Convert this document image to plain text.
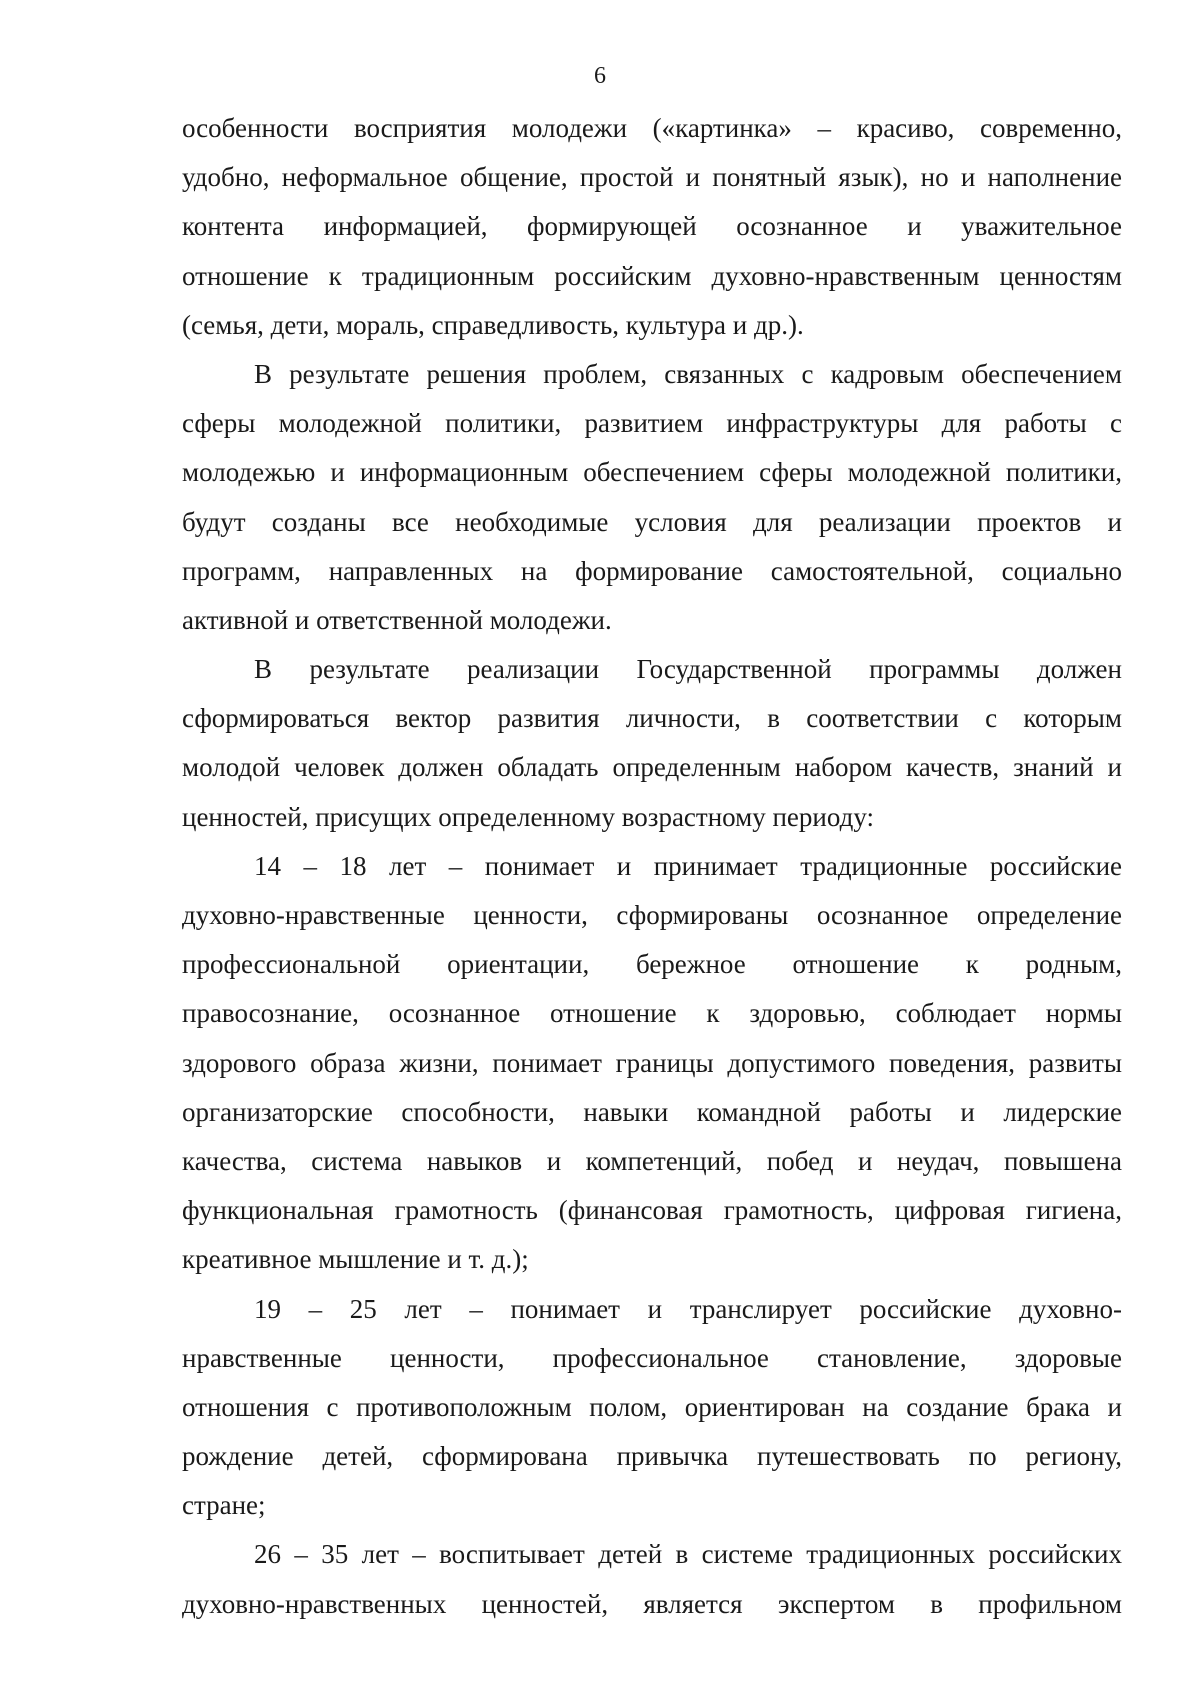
6
особенности восприятия молодежи («картинка» – красиво, современно,
удобно, неформальное общение, простой и понятный язык), но и наполнение
контента информацией, формирующей осознанное и уважительное
отношение к традиционным российским духовно-нравственным ценностям
(семья, дети, мораль, справедливость, культура и др.).
В результате решения проблем, связанных с кадровым обеспечением
сферы молодежной политики, развитием инфраструктуры для работы с
молодежью и информационным обеспечением сферы молодежной политики,
будут созданы все необходимые условия для реализации проектов и
программ, направленных на формирование самостоятельной, социально
активной и ответственной молодежи.
В результате реализации Государственной программы должен
сформироваться вектор развития личности, в соответствии с которым
молодой человек должен обладать определенным набором качеств, знаний и
ценностей, присущих определенному возрастному периоду:
14 – 18 лет – понимает и принимает традиционные российские
духовно-нравственные ценности, сформированы осознанное определение
профессиональной ориентации, бережное отношение к родным,
правосознание, осознанное отношение к здоровью, соблюдает нормы
здорового образа жизни, понимает границы допустимого поведения, развиты
организаторские способности, навыки командной работы и лидерские
качества, система навыков и компетенций, побед и неудач, повышена
функциональная грамотность (финансовая грамотность, цифровая гигиена,
креативное мышление и т. д.);
19 – 25 лет – понимает и транслирует российские духовно-
нравственные ценности, профессиональное становление, здоровые
отношения с противоположным полом, ориентирован на создание брака и
рождение детей, сформирована привычка путешествовать по региону,
стране;
26 – 35 лет – воспитывает детей в системе традиционных российских
духовно-нравственных ценностей, является экспертом в профильном
